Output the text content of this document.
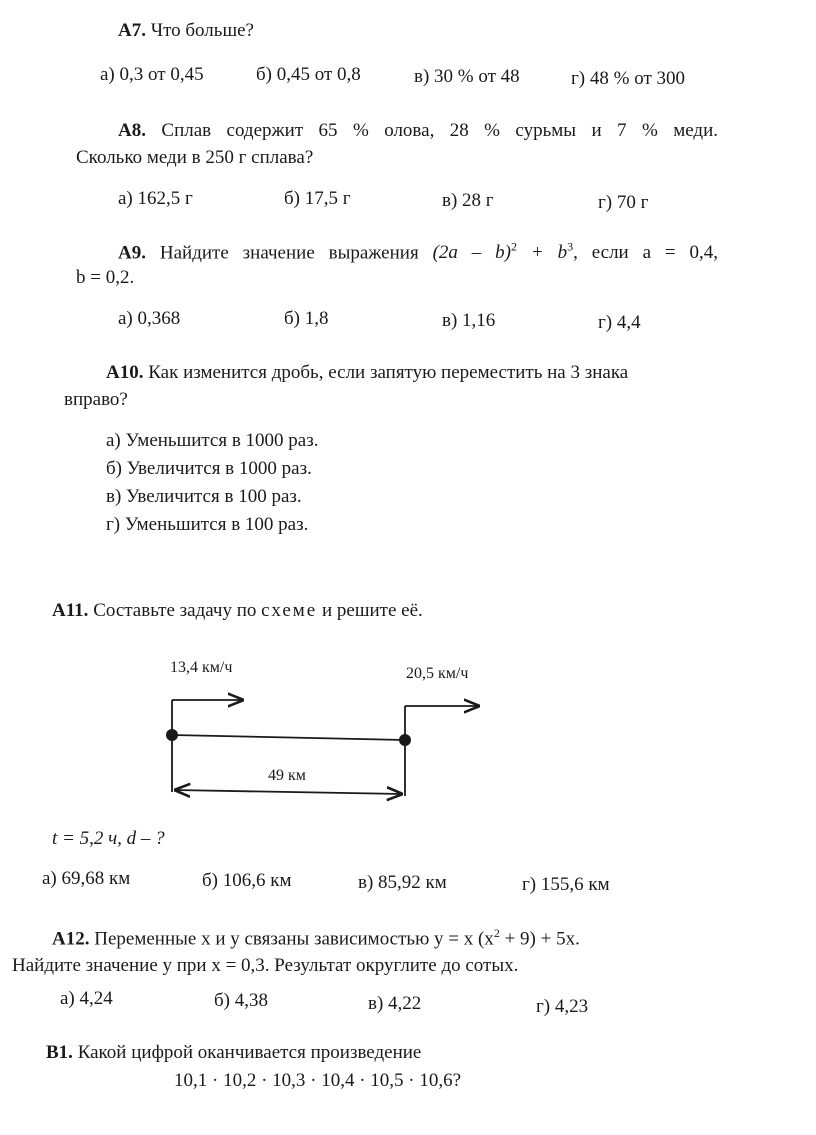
А7. Что больше?
а) 0,3 от 0,45	б) 0,45 от 0,8	в) 30 % от 48	г) 48 % от 300
А8. Сплав содержит 65 % олова, 28 % сурьмы и 7 % меди.
Сколько меди в 250 г сплава?
а) 162,5 г	б) 17,5 г	в) 28 г	г) 70 г
А9. Найдите значение выражения $(2a - b)^2 + b^3$, если a = 0,4,
b = 0,2.
а) 0,368	б) 1,8	в) 1,16	г) 4,4
А10. Как изменится дробь, если запятую переместить на 3 знака
вправо?
а) Уменьшится в 1000 раз.
б) Увеличится в 1000 раз.
в) Увеличится в 100 раз.
г) Уменьшится в 100 раз.
А11. Составьте задачу по схеме и решите её.
13,4 км/ч	20,5 км/ч
49 км
t = 5,2 ч, d – ?
а) 69,68 км	б) 106,6 км	в) 85,92 км	г) 155,6 км
А12. Переменные x и y связаны зависимостью y = x $(x^2 + 9) + 5x$.
Найдите значение y при x = 0,3. Результат округлите до сотых.
а) 4,24	б) 4,38	в) 4,22	г) 4,23
В1. Какой цифрой оканчивается произведение
10,1 · 10,2 · 10,3 · 10,4 · 10,5 · 10,6?
